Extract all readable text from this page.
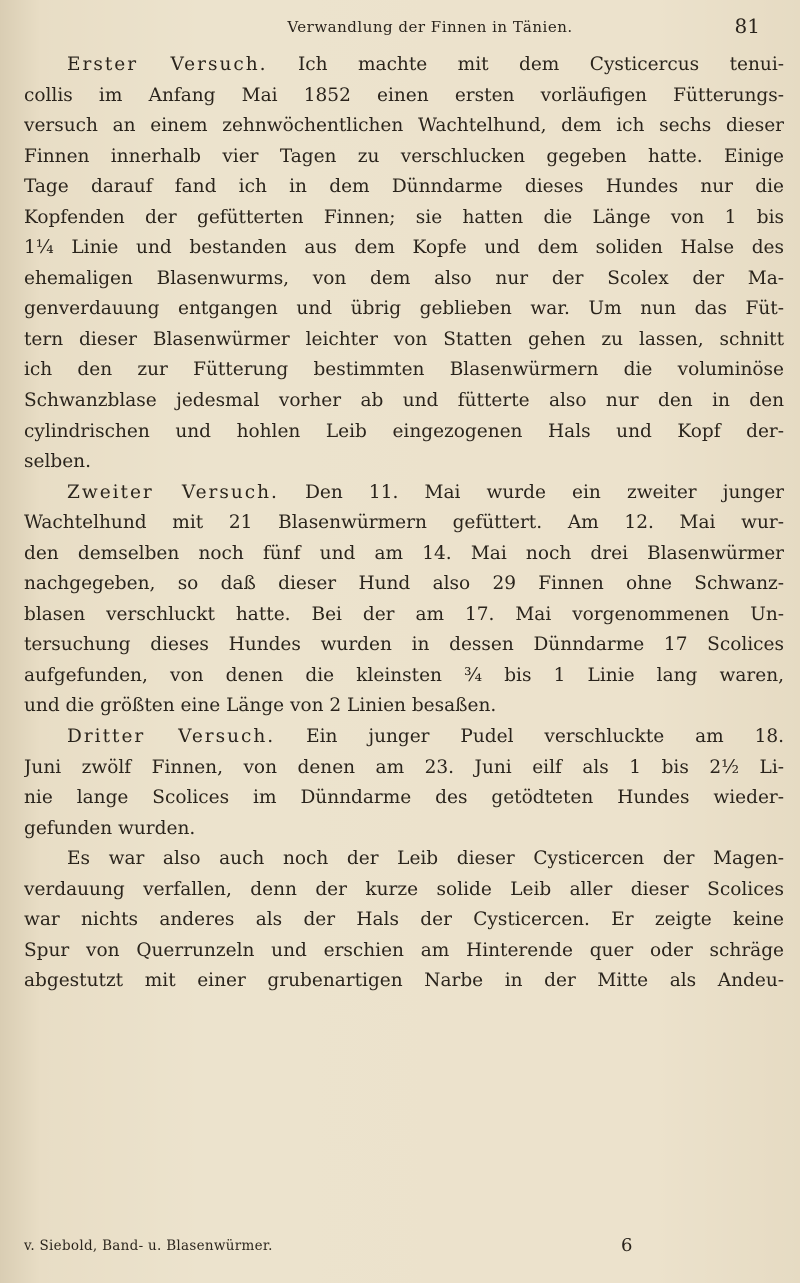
Verwandlung der Finnen in Tänien.	81
Erster Versuch. Ich machte mit dem Cysticercus tenui-
collis im Anfang Mai 1852 einen ersten vorläufigen Fütterungs-
versuch an einem zehnwöchentlichen Wachtelhund, dem ich sechs dieser
Finnen innerhalb vier Tagen zu verschlucken gegeben hatte. Einige
Tage darauf fand ich in dem Dünndarme dieses Hundes nur die
Kopfenden der gefütterten Finnen; sie hatten die Länge von 1 bis
1¼ Linie und bestanden aus dem Kopfe und dem soliden Halse des
ehemaligen Blasenwurms, von dem also nur der Scolex der Ma-
genverdauung entgangen und übrig geblieben war. Um nun das Füt-
tern dieser Blasenwürmer leichter von Statten gehen zu lassen, schnitt
ich den zur Fütterung bestimmten Blasenwürmern die voluminöse
Schwanzblase jedesmal vorher ab und fütterte also nur den in den
cylindrischen und hohlen Leib eingezogenen Hals und Kopf der-
selben.
Zweiter Versuch. Den 11. Mai wurde ein zweiter junger
Wachtelhund mit 21 Blasenwürmern gefüttert. Am 12. Mai wur-
den demselben noch fünf und am 14. Mai noch drei Blasenwürmer
nachgegeben, so daß dieser Hund also 29 Finnen ohne Schwanz-
blasen verschluckt hatte. Bei der am 17. Mai vorgenommenen Un-
tersuchung dieses Hundes wurden in dessen Dünndarme 17 Scolices
aufgefunden, von denen die kleinsten ¾ bis 1 Linie lang waren,
und die größten eine Länge von 2 Linien besaßen.
Dritter Versuch. Ein junger Pudel verschluckte am 18.
Juni zwölf Finnen, von denen am 23. Juni eilf als 1 bis 2½ Li-
nie lange Scolices im Dünndarme des getödteten Hundes wieder-
gefunden wurden.
Es war also auch noch der Leib dieser Cysticercen der Magen-
verdauung verfallen, denn der kurze solide Leib aller dieser Scolices
war nichts anderes als der Hals der Cysticercen. Er zeigte keine
Spur von Querrunzeln und erschien am Hinterende quer oder schräge
abgestutzt mit einer grubenartigen Narbe in der Mitte als Andeu-
v. Siebold, Band- u. Blasenwürmer.	6
